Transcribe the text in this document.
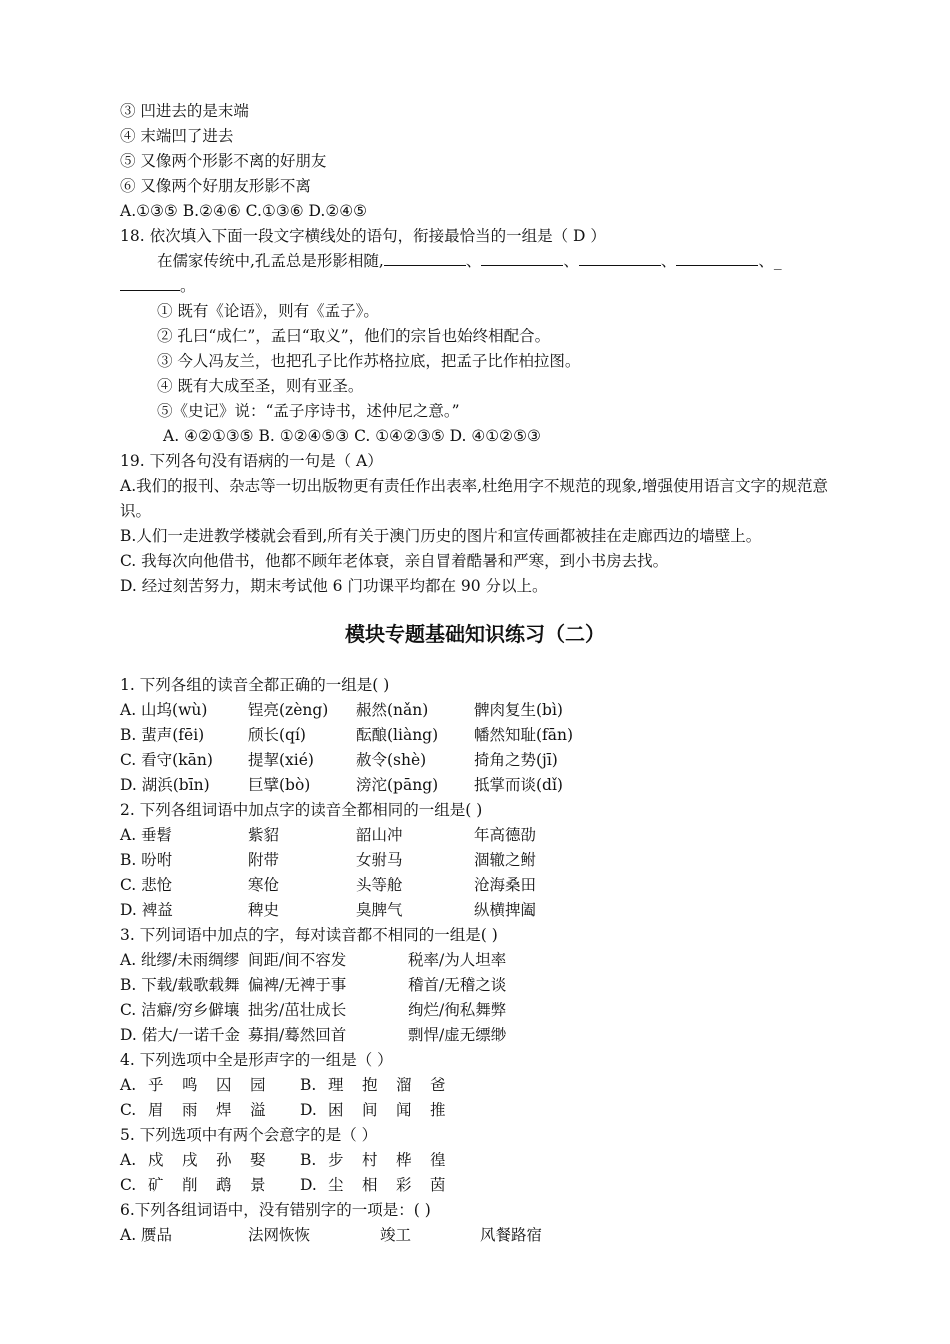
③ 凹进去的是末端
④ 末端凹了进去
⑤ 又像两个形影不离的好朋友
⑥ 又像两个好朋友形影不离
A.①③⑤ B.②④⑥ C.①③⑥ D.②④⑤
18. 依次填入下面一段文字横线处的语句，衔接最恰当的一组是（ D ）
在儒家传统中,孔孟总是形影相随,	、	、	、	、_
。
① 既有《论语》，则有《孟子》。
② 孔曰“成仁”，孟曰“取义”，他们的宗旨也始终相配合。
③ 今人冯友兰，也把孔子比作苏格拉底，把孟子比作柏拉图。
④ 既有大成至圣，则有亚圣。
⑤《史记》说：“孟子序诗书，述仲尼之意。”
A. ④②①③⑤ B. ①②④⑤③ C. ①④②③⑤ D. ④①②⑤③
19. 下列各句没有语病的一句是（ A）
A.我们的报刊、杂志等一切出版物更有责任作出表率,杜绝用字不规范的现象,增强使用语言文字的规范意识。
B.人们一走进教学楼就会看到,所有关于澳门历史的图片和宣传画都被挂在走廊西边的墙壁上。
C. 我每次向他借书，他都不顾年老体衰，亲自冒着酷暑和严寒，到小书房去找。
D. 经过刻苦努力，期末考试他 6 门功课平均都在 90 分以上。
模块专题基础知识练习（二）
1. 下列各组的读音全都正确的一组是( )
A. 山坞(wù)	锃亮(zèng) 赧然(nǎn)	髀肉复生(bì)
B. 蜚声(fēi)	颀长(qí)	酝酿(liàng) 幡然知耻(fān)
C. 看守(kān) 提挈(xié)	赦令(shè)	掎角之势(jī)
D. 湖浜(bīn) 巨擘(bò)	滂沱(pāng) 抵掌而谈(dǐ)
2. 下列各组词语中加点字的读音全都相同的一组是( )
A. 垂髫	紫貂	韶山冲	年高德劭
B. 吩咐	附带	女驸马	涸辙之鲋
C. 悲怆	寒伧	头等舱	沧海桑田
D. 裨益	稗史	臭脾气	纵横捭阖
3. 下列词语中加点的字，每对读音都不相同的一组是( )
A. 纰缪/未雨绸缪 间距/间不容发	税率/为人坦率
B. 下载/载歌载舞 偏裨/无裨于事	稽首/无稽之谈
C. 洁癖/穷乡僻壤 拙劣/茁壮成长	绚烂/徇私舞弊
D. 偌大/一诺千金 募捐/蓦然回首	剽悍/虚无缥缈
4. 下列选项中全是形声字的一组是（ ）
A. 乎 鸣 囚 园 B. 理 抱 溜 爸
C. 眉 雨 焊 溢 D. 困 间 闻 推
5. 下列选项中有两个会意字的是（ ）
A. 戍 戌 孙 娶 B. 步 村 桦 徨
C. 矿 削 鹉 景 D. 尘 相 彩 茵
6.下列各组词语中，没有错别字的一项是：( )
A. 赝品	法网恢恢	竣工	风餐路宿
